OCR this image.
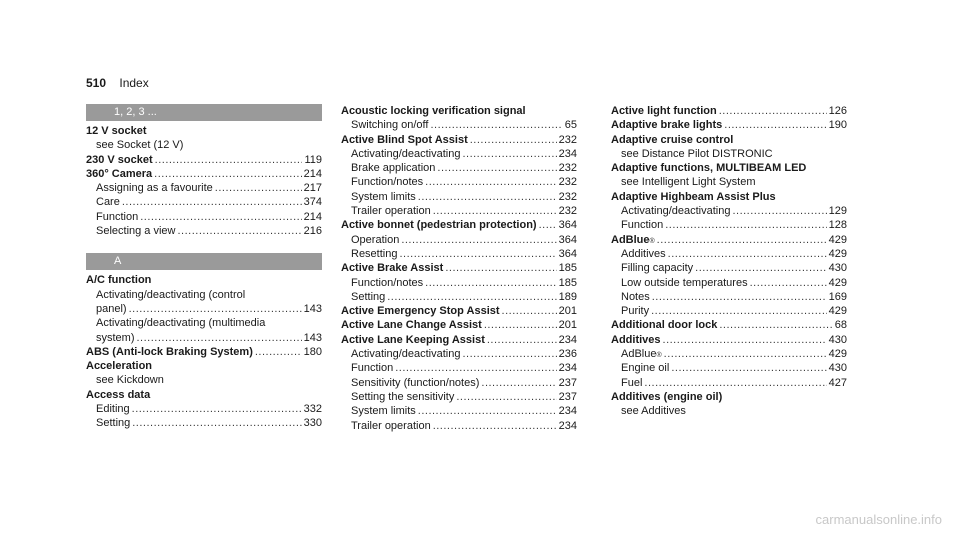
510 Index
1, 2, 3 ...
12 V socket
see Socket (12 V)
230 V socket .....	119
360° Camera .....	214
Assigning as a favourite .....	217
Care .....	374
Function .....	214
Selecting a view .....	216
A
A/C function
Activating/deactivating (control
panel) .....	143
Activating/deactivating (multimedia
system) .....	143
ABS (Anti-lock Braking System) .....	180
Acceleration
see Kickdown
Access data
Editing .....	332
Setting .....	330
Acoustic locking verification signal
Switching on/off .....	65
Active Blind Spot Assist .....	232
Activating/deactivating .....	234
Brake application .....	232
Function/notes .....	232
System limits .....	232
Trailer operation .....	232
Active bonnet (pedestrian protection) ..... 364
Operation .....	364
Resetting .....	364
Active Brake Assist .....	185
Function/notes .....	185
Setting .....	189
Active Emergency Stop Assist .....	201
Active Lane Change Assist .....	201
Active Lane Keeping Assist .....	234
Activating/deactivating .....	236
Function .....	234
Sensitivity (function/notes) .....	237
Setting the sensitivity .....	237
System limits .....	234
Trailer operation .....	234
Active light function .....	126
Adaptive brake lights .....	190
Adaptive cruise control
see Distance Pilot DISTRONIC
Adaptive functions, MULTIBEAM LED
see Intelligent Light System
Adaptive Highbeam Assist Plus
Activating/deactivating .....	129
Function .....	128
AdBlue ® .....	429
Additives .....	429
Filling capacity .....	430
Low outside temperatures .....	429
Notes .....	169
Purity .....	429
Additional door lock .....	68
Additives .....	430
AdBlue ® .....	429
Engine oil .....	430
Fuel .....	427
Additives (engine oil)
see Additives
carmanualsonline.info
